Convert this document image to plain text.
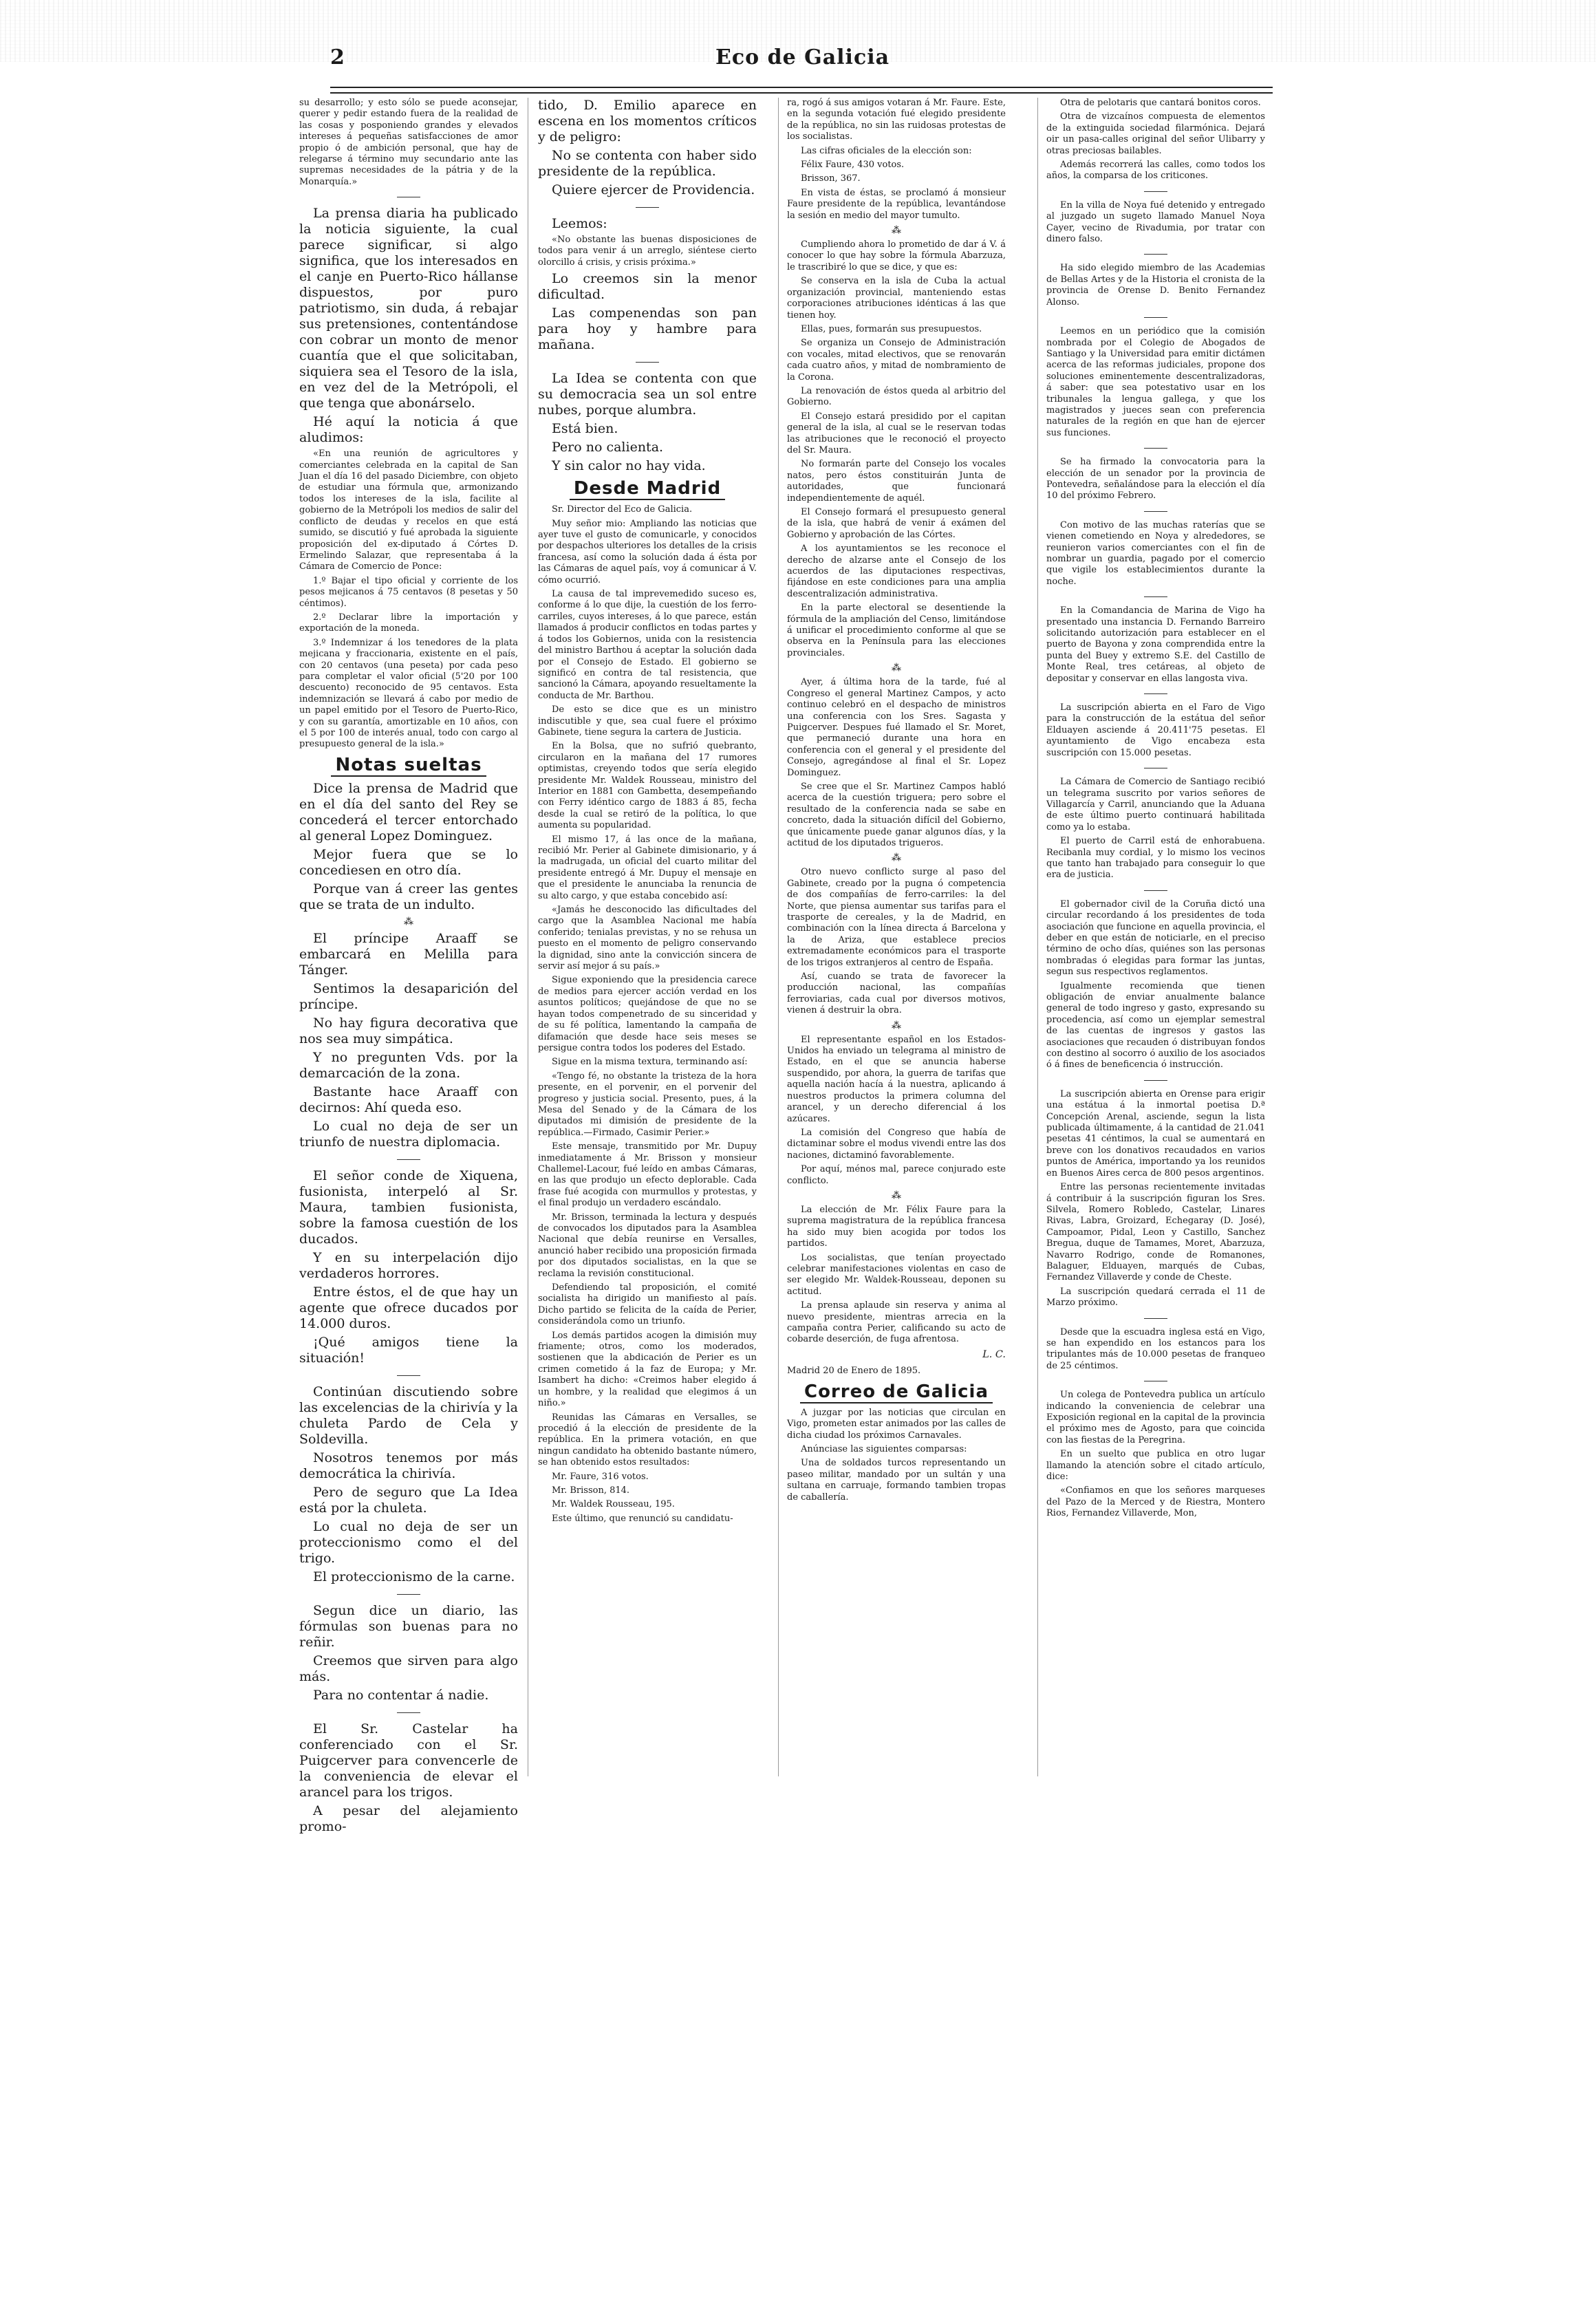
2	Eco de Galicia

su desarrollo; y esto sólo se puede aconsejar, querer y pedir estando fuera de la realidad de las cosas y posponiendo grandes y elevados intereses á pequeñas satisfacciones de amor propio ó de ambición personal, que hay de relegarse á término muy secundario ante las supremas necesidades de la pátria y de la Monarquía.»

La prensa diaria ha publicado la noticia siguiente, la cual parece significar, si algo significa, que los interesados en el canje en Puerto-Rico hállanse dispuestos, por puro patriotismo, sin duda, á rebajar sus pretensiones, contentándose con cobrar un monto de menor cuantía que el que solicitaban, siquiera sea el Tesoro de la isla, en vez del de la Metrópoli, el que tenga que abonárselo.

Hé aquí la noticia á que aludimos:

«En una reunión de agricultores y comerciantes celebrada en la capital de San Juan el día 16 del pasado Diciembre, con objeto de estudiar una fórmula que, armonizando todos los intereses de la isla, facilite al gobierno de la Metrópoli los medios de salir del conflicto de deudas y recelos en que está sumido, se discutió y fué aprobada la siguiente proposición del ex-diputado á Córtes D. Ermelindo Salazar, que representaba á la Cámara de Comercio de Ponce:

1.º Bajar el tipo oficial y corriente de los pesos mejicanos á 75 centavos (8 pesetas y 50 céntimos).

2.º Declarar libre la importación y exportación de la moneda.

3.º Indemnizar á los tenedores de la plata mejicana y fraccionaria, existente en el país, con 20 centavos (una peseta) por cada peso para completar el valor oficial (5'20 por 100 descuento) reconocido de 95 centavos. Esta indemnización se llevará á cabo por medio de un papel emitido por el Tesoro de Puerto-Rico, y con su garantía, amortizable en 10 años, con el 5 por 100 de interés anual, todo con cargo al presupuesto general de la isla.»

Notas sueltas

Dice la prensa de Madrid que en el día del santo del Rey se concederá el tercer entorchado al general Lopez Dominguez.

Mejor fuera que se lo concediesen en otro día.

Porque van á creer las gentes que se trata de un indulto.

⁂

El príncipe Araaff se embarcará en Melilla para Tánger.

Sentimos la desaparición del príncipe.

No hay figura decorativa que nos sea muy simpática.

Y no pregunten Vds. por la demarcación de la zona.

Bastante hace Araaff con decirnos: Ahí queda eso.

Lo cual no deja de ser un triunfo de nuestra diplomacia.

El señor conde de Xiquena, fusionista, interpeló al Sr. Maura, tambien fusionista, sobre la famosa cuestión de los ducados.

Y en su interpelación dijo verdaderos horrores.

Entre éstos, el de que hay un agente que ofrece ducados por 14.000 duros.

¡Qué amigos tiene la situación!

Continúan discutiendo sobre las excelencias de la chirivía y la chuleta Pardo de Cela y Soldevilla.

Nosotros tenemos por más democrática la chirivía.

Pero de seguro que La Idea está por la chuleta.

Lo cual no deja de ser un proteccionismo como el del trigo.

El proteccionismo de la carne.

Segun dice un diario, las fórmulas son buenas para no reñir.

Creemos que sirven para algo más.

Para no contentar á nadie.

El Sr. Castelar ha conferenciado con el Sr. Puigcerver para convencerle de la conveniencia de elevar el arancel para los trigos.

A pesar del alejamiento promo-

tido, D. Emilio aparece en escena en los momentos críticos y de peligro:

No se contenta con haber sido presidente de la república.

Quiere ejercer de Providencia.

Leemos:

«No obstante las buenas disposiciones de todos para venir á un arreglo, siéntese cierto olorcillo á crisis, y crisis próxima.»

Lo creemos sin la menor dificultad.

Las compenendas son pan para hoy y hambre para mañana.

La Idea se contenta con que su democracia sea un sol entre nubes, porque alumbra.

Está bien.

Pero no calienta.

Y sin calor no hay vida.

Desde Madrid

Sr. Director del Eco de Galicia.

Muy señor mio: Ampliando las noticias que ayer tuve el gusto de comunicarle, y conocidos por despachos ulteriores los detalles de la crisis francesa, así como la solución dada á ésta por las Cámaras de aquel país, voy á comunicar á V. cómo ocurrió.

La causa de tal imprevemedido suceso es, conforme á lo que dije, la cuestión de los ferro-carriles, cuyos intereses, á lo que parece, están llamados á producir conflictos en todas partes y á todos los Gobiernos, unida con la resistencia del ministro Barthou á aceptar la solución dada por el Consejo de Estado. El gobierno se significó en contra de tal resistencia, que sancionó la Cámara, apoyando resueltamente la conducta de Mr. Barthou.

De esto se dice que es un ministro indiscutible y que, sea cual fuere el próximo Gabinete, tiene segura la cartera de Justicia.

En la Bolsa, que no sufrió quebranto, circularon en la mañana del 17 rumores optimistas, creyendo todos que sería elegido presidente Mr. Waldek Rousseau, ministro del Interior en 1881 con Gambetta, desempeñando con Ferry idéntico cargo de 1883 á 85, fecha desde la cual se retiró de la política, lo que aumenta su popularidad.

El mismo 17, á las once de la mañana, recibió Mr. Perier al Gabinete dimisionario, y á la madrugada, un oficial del cuarto militar del presidente entregó á Mr. Dupuy el mensaje en que el presidente le anunciaba la renuncia de su alto cargo, y que estaba concebido así:

«Jamás he desconocido las dificultades del cargo que la Asamblea Nacional me había conferido; tenialas previstas, y no se rehusa un puesto en el momento de peligro conservando la dignidad, sino ante la convicción sincera de servir así mejor á su país.»

Sigue exponiendo que la presidencia carece de medios para ejercer acción verdad en los asuntos políticos; quejándose de que no se hayan todos compenetrado de su sinceridad y de su fé política, lamentando la campaña de difamación que desde hace seis meses se persigue contra todos los poderes del Estado.

Sigue en la misma textura, terminando así:

«Tengo fé, no obstante la tristeza de la hora presente, en el porvenir, en el porvenir del progreso y justicia social. Presento, pues, á la Mesa del Senado y de la Cámara de los diputados mi dimisión de presidente de la república.—Firmado, Casimir Perier.»

Este mensaje, transmitido por Mr. Dupuy inmediatamente á Mr. Brisson y monsieur Challemel-Lacour, fué leído en ambas Cámaras, en las que produjo un efecto deplorable. Cada frase fué acogida con murmullos y protestas, y el final produjo un verdadero escándalo.

Mr. Brisson, terminada la lectura y después de convocados los diputados para la Asamblea Nacional que debía reunirse en Versalles, anunció haber recibido una proposición firmada por dos diputados socialistas, en la que se reclama la revisión constitucional.

Defendiendo tal proposición, el comité socialista ha dirigido un manifiesto al país. Dicho partido se felicita de la caída de Perier, considerándola como un triunfo.

Los demás partidos acogen la dimisión muy friamente; otros, como los moderados, sostienen que la abdicación de Perier es un crimen cometido á la faz de Europa; y Mr. Isambert ha dicho: «Creimos haber elegido á un hombre, y la realidad que elegimos á un niño.»

Reunidas las Cámaras en Versalles, se procedió á la elección de presidente de la república. En la primera votación, en que ningun candidato ha obtenido bastante número, se han obtenido estos resultados:

Mr. Faure, 316 votos.

Mr. Brisson, 814.

Mr. Waldek Rousseau, 195.

Este último, que renunció su candidatu-

ra, rogó á sus amigos votaran á Mr. Faure. Este, en la segunda votación fué elegido presidente de la república, no sin las ruidosas protestas de los socialistas.

Las cifras oficiales de la elección son:

Félix Faure, 430 votos.

Brisson, 367.

En vista de éstas, se proclamó á monsieur Faure presidente de la república, levantándose la sesión en medio del mayor tumulto.

⁂

Cumpliendo ahora lo prometido de dar á V. á conocer lo que hay sobre la fórmula Abarzuza, le trascribiré lo que se dice, y que es:

Se conserva en la isla de Cuba la actual organización provincial, manteniendo estas corporaciones atribuciones idénticas á las que tienen hoy.

Ellas, pues, formarán sus presupuestos.

Se organiza un Consejo de Administración con vocales, mitad electivos, que se renovarán cada cuatro años, y mitad de nombramiento de la Corona.

La renovación de éstos queda al arbitrio del Gobierno.

El Consejo estará presidido por el capitan general de la isla, al cual se le reservan todas las atribuciones que le reconoció el proyecto del Sr. Maura.

No formarán parte del Consejo los vocales natos, pero éstos constituirán Junta de autoridades, que funcionará independientemente de aquél.

El Consejo formará el presupuesto general de la isla, que habrá de venir á exámen del Gobierno y aprobación de las Córtes.

A los ayuntamientos se les reconoce el derecho de alzarse ante el Consejo de los acuerdos de las diputaciones respectivas, fijándose en este condiciones para una amplia descentralización administrativa.

En la parte electoral se desentiende la fórmula de la ampliación del Censo, limitándose á unificar el procedimiento conforme al que se observa en la Península para las elecciones provinciales.

⁂

Ayer, á última hora de la tarde, fué al Congreso el general Martinez Campos, y acto continuo celebró en el despacho de ministros una conferencia con los Sres. Sagasta y Puigcerver. Despues fué llamado el Sr. Moret, que permaneció durante una hora en conferencia con el general y el presidente del Consejo, agregándose al final el Sr. Lopez Dominguez.

Se cree que el Sr. Martinez Campos habló acerca de la cuestión triguera; pero sobre el resultado de la conferencia nada se sabe en concreto, dada la situación difícil del Gobierno, que únicamente puede ganar algunos días, y la actitud de los diputados trigueros.

⁂

Otro nuevo conflicto surge al paso del Gabinete, creado por la pugna ó competencia de dos compañías de ferro-carriles: la del Norte, que piensa aumentar sus tarifas para el trasporte de cereales, y la de Madrid, en combinación con la línea directa á Barcelona y la de Ariza, que establece precios extremadamente económicos para el trasporte de los trigos extranjeros al centro de España.

Así, cuando se trata de favorecer la producción nacional, las compañías ferroviarias, cada cual por diversos motivos, vienen á destruir la obra.

⁂

El representante español en los Estados-Unidos ha enviado un telegrama al ministro de Estado, en el que se anuncia haberse suspendido, por ahora, la guerra de tarifas que aquella nación hacía á la nuestra, aplicando á nuestros productos la primera columna del arancel, y un derecho diferencial á los azúcares.

La comisión del Congreso que había de dictaminar sobre el modus vivendi entre las dos naciones, dictaminó favorablemente.

Por aquí, ménos mal, parece conjurado este conflicto.

⁂

La elección de Mr. Félix Faure para la suprema magistratura de la república francesa ha sido muy bien acogida por todos los partidos.

Los socialistas, que tenían proyectado celebrar manifestaciones violentas en caso de ser elegido Mr. Waldek-Rousseau, deponen su actitud.

La prensa aplaude sin reserva y anima al nuevo presidente, mientras arrecia en la campaña contra Perier, calificando su acto de cobarde deserción, de fuga afrentosa.

L. C.
Madrid 20 de Enero de 1895.
Correo de Galicia

A juzgar por las noticias que circulan en Vigo, prometen estar animados por las calles de dicha ciudad los próximos Carnavales.

Anúnciase las siguientes comparsas:

Una de soldados turcos representando un paseo militar, mandado por un sultán y una sultana en carruaje, formando tambien tropas de caballería.

Otra de pelotaris que cantará bonitos coros.

Otra de vizcaínos compuesta de elementos de la extinguida sociedad filarmónica. Dejará oir un pasa-calles original del señor Ulibarry y otras preciosas bailables.

Además recorrerá las calles, como todos los años, la comparsa de los criticones.

En la villa de Noya fué detenido y entregado al juzgado un sugeto llamado Manuel Noya Cayer, vecino de Rivadumia, por tratar con dinero falso.

Ha sido elegido miembro de las Academias de Bellas Artes y de la Historia el cronista de la provincia de Orense D. Benito Fernandez Alonso.

Leemos en un periódico que la comisión nombrada por el Colegio de Abogados de Santiago y la Universidad para emitir dictámen acerca de las reformas judiciales, propone dos soluciones eminentemente descentralizadoras, á saber: que sea potestativo usar en los tribunales la lengua gallega, y que los magistrados y jueces sean con preferencia naturales de la región en que han de ejercer sus funciones.

Se ha firmado la convocatoria para la elección de un senador por la provincia de Pontevedra, señalándose para la elección el día 10 del próximo Febrero.

Con motivo de las muchas raterías que se vienen cometiendo en Noya y alrededores, se reunieron varios comerciantes con el fin de nombrar un guardia, pagado por el comercio que vigile los establecimientos durante la noche.

En la Comandancia de Marina de Vigo ha presentado una instancia D. Fernando Barreiro solicitando autorización para establecer en el puerto de Bayona y zona comprendida entre la punta del Buey y extremo S.E. del Castillo de Monte Real, tres cetáreas, al objeto de depositar y conservar en ellas langosta viva.

La suscripción abierta en el Faro de Vigo para la construcción de la estátua del señor Elduayen asciende á 20.411'75 pesetas. El ayuntamiento de Vigo encabeza esta suscripción con 15.000 pesetas.

La Cámara de Comercio de Santiago recibió un telegrama suscrito por varios señores de Villagarcía y Carril, anunciando que la Aduana de este último puerto continuará habilitada como ya lo estaba.

El puerto de Carril está de enhorabuena. Recibanla muy cordial, y lo mismo los vecinos que tanto han trabajado para conseguir lo que era de justicia.

El gobernador civil de la Coruña dictó una circular recordando á los presidentes de toda asociación que funcione en aquella provincia, el deber en que están de noticiarle, en el preciso término de ocho días, quiénes son las personas nombradas ó elegidas para formar las juntas, segun sus respectivos reglamentos.

Igualmente recomienda que tienen obligación de enviar anualmente balance general de todo ingreso y gasto, expresando su procedencia, así como un ejemplar semestral de las cuentas de ingresos y gastos las asociaciones que recauden ó distribuyan fondos con destino al socorro ó auxilio de los asociados ó á fines de beneficencia ó instrucción.

La suscripción abierta en Orense para erigir una estátua á la inmortal poetisa D.ª Concepción Arenal, asciende, segun la lista publicada últimamente, á la cantidad de 21.041 pesetas 41 céntimos, la cual se aumentará en breve con los donativos recaudados en varios puntos de América, importando ya los reunidos en Buenos Aires cerca de 800 pesos argentinos.

Entre las personas recientemente invitadas á contribuir á la suscripción figuran los Sres. Silvela, Romero Robledo, Castelar, Linares Rivas, Labra, Groizard, Echegaray (D. José), Campoamor, Pidal, Leon y Castillo, Sanchez Bregua, duque de Tamames, Moret, Abarzuza, Navarro Rodrigo, conde de Romanones, Balaguer, Elduayen, marqués de Cubas, Fernandez Villaverde y conde de Cheste.

La suscripción quedará cerrada el 11 de Marzo próximo.

Desde que la escuadra inglesa está en Vigo, se han expendido en los estancos para los tripulantes más de 10.000 pesetas de franqueo de 25 céntimos.

Un colega de Pontevedra publica un artículo indicando la conveniencia de celebrar una Exposición regional en la capital de la provincia el próximo mes de Agosto, para que coincida con las fiestas de la Peregrina.

En un suelto que publica en otro lugar llamando la atención sobre el citado artículo, dice:

«Confiamos en que los señores marqueses del Pazo de la Merced y de Riestra, Montero Rios, Fernandez Villaverde, Mon,
